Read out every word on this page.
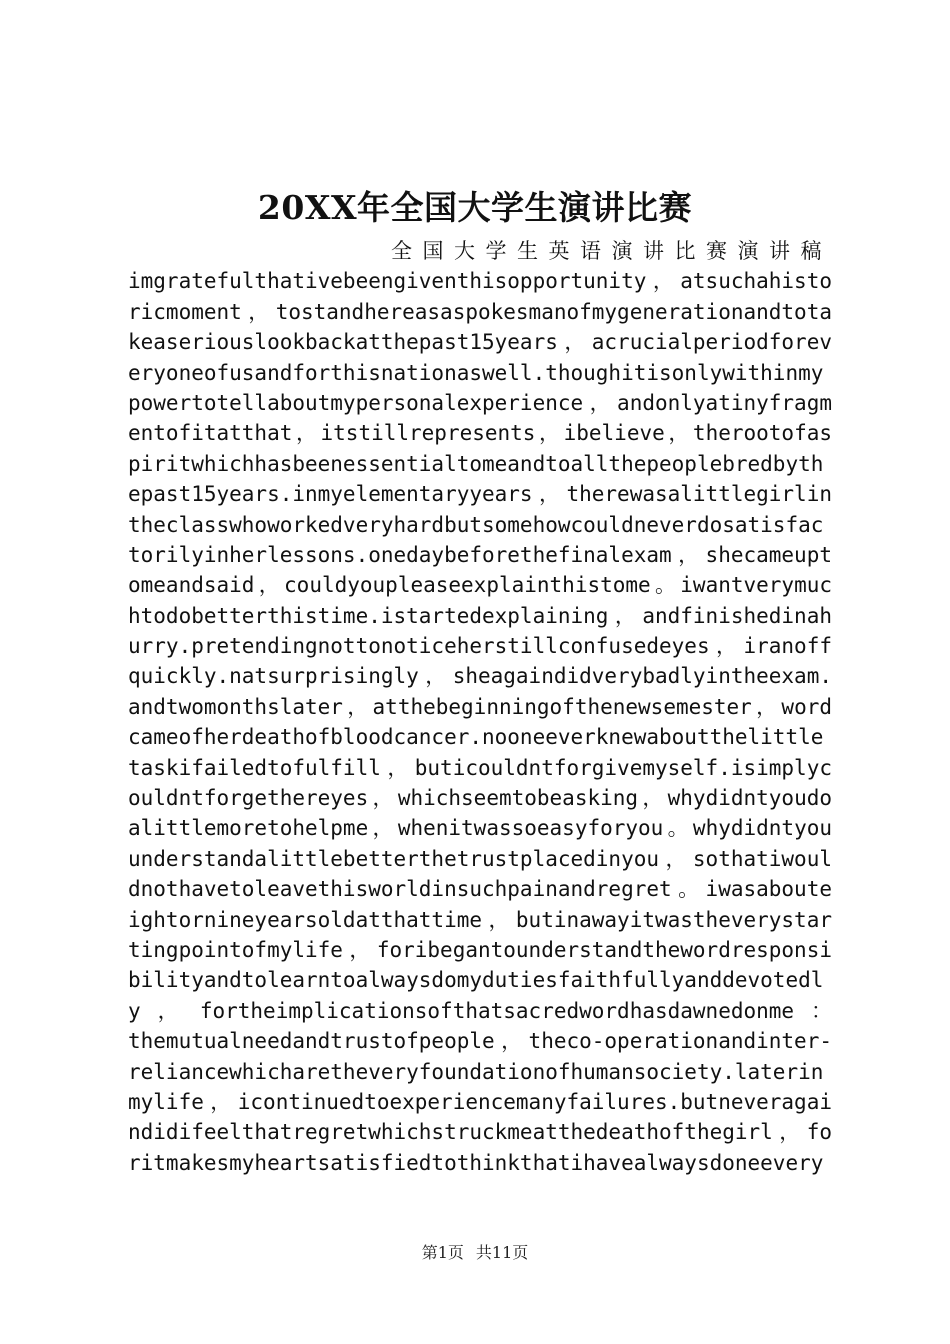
20XX年全国大学生演讲比赛
全国大学生英语演讲比赛演讲稿
imgratefulthativebeengiventhisopportunity，atsuchahisto
ricmoment，tostandhereasaspokesmanofmygenerationandtota
keaseriouslookbackatthepast15years，acrucialperiodforev
eryoneofusandforthisnationaswell.thoughitisonlywithinmy
powertotellaboutmypersonalexperience，andonlyatinyfragm
entofitatthat，itstillrepresents，ibelieve，therootofas
piritwhichhasbeenessentialtomeandtoallthepeoplebredbyth
epast15years.inmyelementaryyears，therewasalittlegirlin
theclasswhoworkedveryhardbutsomehowcouldneverdosatisfac
torilyinherlessons.onedaybeforethefinalexam，shecameupt
omeandsaid，couldyoupleaseexplainthistome。iwantverymuc
htodobetterthistime.istartedexplaining，andfinishedinah
urry.pretendingnottonoticeherstillconfusedeyes，iranoff
quickly.natsurprisingly，sheagaindidverybadlyintheexam.
andtwomonthslater，atthebeginningofthenewsemester，word
cameofherdeathofbloodcancer.nooneeverknewaboutthelittle
taskifailedtofulfill，buticouldntforgivemyself.isimplyc
ouldntforgethereyes，whichseemtobeasking，whydidntyoudo
alittlemoretohelpme，whenitwassoeasyforyou。whydidntyou
understandalittlebetterthetrustplacedinyou，sothatiwoul
dnothavetoleavethisworldinsuchpainandregret。iwasaboute
ightornineyearsoldatthattime，butinawayitwastheverystar
tingpointofmylife，foribegantounderstandthewordresponsi
bilityandtolearntoalwaysdomydutiesfaithfullyanddevotedl
y ， fortheimplicationsofthatsacredwordhasdawnedonme ：
themutualneedandtrustofpeople，theco-operationandinter-
reliancewhicharetheveryfoundationofhumansociety.laterin
mylife，icontinuedtoexperiencemanyfailures.butneveragai
ndidifeelthatregretwhichstruckmeatthedeathofthegirl，fo
ritmakesmyheartsatisfiedtothinkthatihavealwaysdoneevery
第1页 共11页
